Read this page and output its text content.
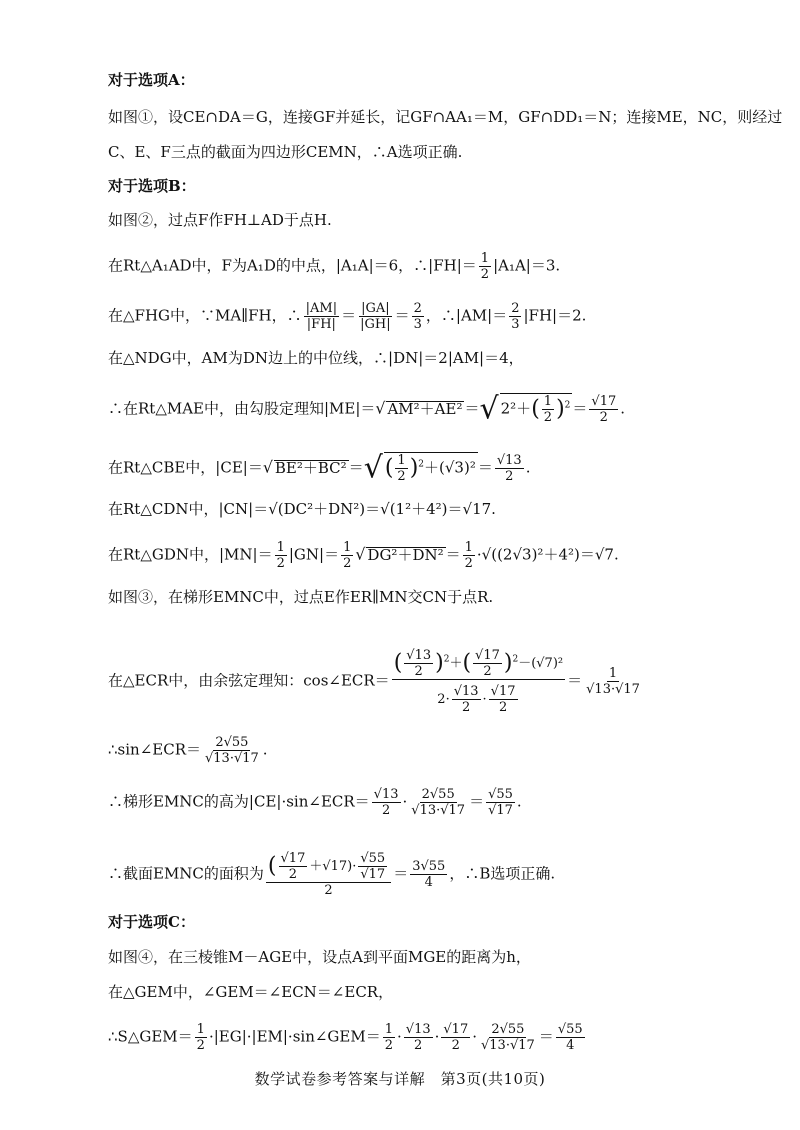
对于选项A：
如图①，设CE∩DA＝G，连接GF并延长，记GF∩AA₁＝M，GF∩DD₁＝N；连接ME，NC，则经过
C、E、F三点的截面为四边形CEMN，∴A选项正确.
对于选项B：
如图②，过点F作FH⊥AD于点H.
在Rt△A₁AD中，F为A₁D的中点，|A₁A|＝6，∴|FH|＝ $\frac{1}{2} |A_1A|=3$.
在△FHG中，∵MA∥FH，∴ $\frac{|AM|}{|FH|} = \frac{|GA|}{|GH|} = \frac{2}{3}$ ，∴|AM|＝ $\frac{2}{3} |FH|=2$.
在△NDG中，AM为DN边上的中位线，∴|DN|＝2|AM|＝4，
∴在Rt△MAE中，由勾股定理知|ME|＝√ AM²＋AE² ＝√ $2^2+( \frac{1}{2} )^2 = \frac{√17}{2}$ .
在Rt△CBE中，|CE|＝√ BE²＋BC² ＝√( $\frac{1}{2} )^2+(√3)^2 = \frac{√13}{2}$ .
在Rt△CDN中，|CN|＝√(DC²＋DN²)＝√(1²＋4²)＝√17.
在Rt△GDN中，$|MN|= \frac{1}{2} |GN|= \frac{1}{2}$ √ $DG^2+DN^2 = \frac{1}{2} \cdot√((2√3)^2+4^2)=√7$.
如图③，在梯形EMNC中，过点E作ER∥MN交CN于点R.
在△ECR中，由余弦定理知：cos∠ECR＝ $\frac{( \frac{√13}{2} )^2+( \frac{√17}{2} )^2-(√7)^2}{2\cdot \frac{√13}{2} \cdot \frac{√17}{2}} = \frac{1}{√13\cdot√17}$
∴sin∠ECR＝ $\frac{2√55}{√13\cdot√17}$ .
∴梯形EMNC的高为|CE|·sin∠ECR＝ $\frac{√13}{2} \cdot \frac{2√55}{√13\cdot√17} = \frac{√55}{√17}$ .
∴截面EMNC的面积为 $\frac{( \frac{√17}{2} +√17)\cdot \frac{√55}{√17}}{2} = \frac{3√55}{4}$ ，∴B选项正确.
对于选项C：
如图④，在三棱锥M－AGE中，设点A到平面MGE的距离为h，
在△GEM中，∠GEM＝∠ECN＝∠ECR，
∴S△GEM＝ $\frac{1}{2}$ ·|EG|·|EM|·sin∠GEM＝ $\frac{1}{2} \cdot \frac{√13}{2} \cdot \frac{√17}{2} \cdot \frac{2√55}{√13\cdot√17} = \frac{√55}{4}$
数学试卷参考答案与详解　第3页(共10页)
